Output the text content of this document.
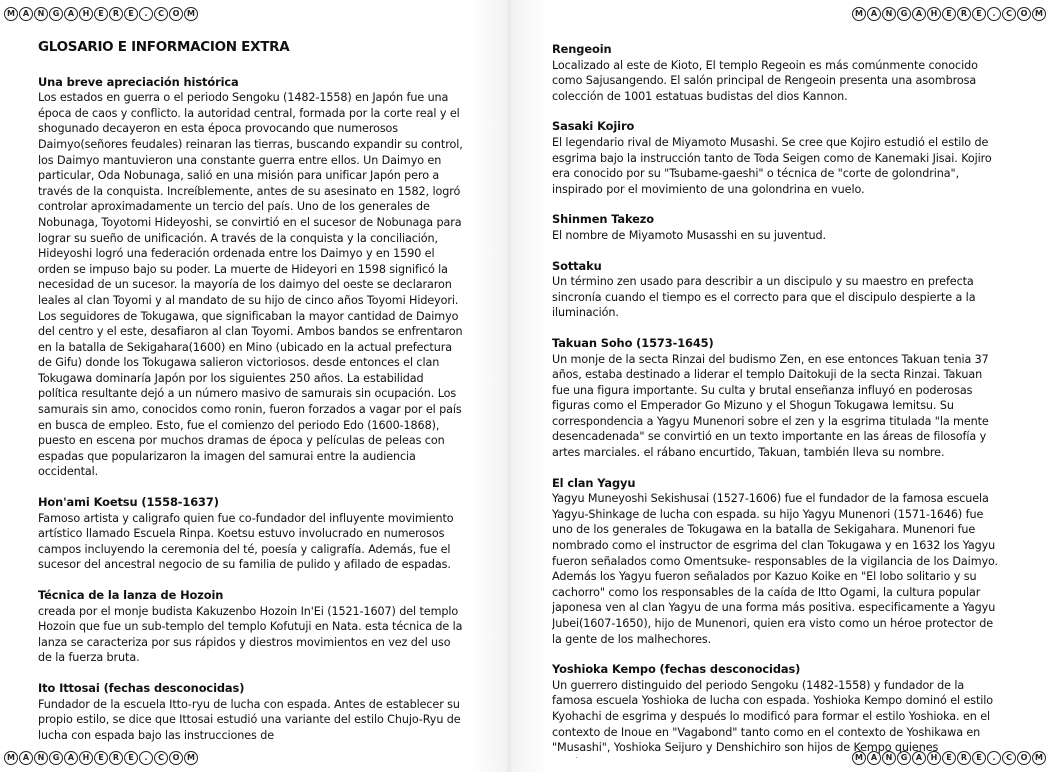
M A	N	G	A	H	E	R	E	.	C	O M	M A	N	G	A	H	E	R	E	.	C	O M
M A	N	G	A	H	E	R	E	.	C	O M	M A	N	G	A	H	E	R	E	.	C	O M
GLOSARIO E INFORMACIÓN EXTRA
Una breve apreciación histórica

Los estados en guerra o el periodo Sengoku (1482-1558) en Japón fue una época de caos y conflicto. la autoridad central, formada por la corte real y el shogunado decayeron en esta época provocando que numerosos Daimyo(señores feudales) reinaran las tierras, buscando expandir su control, los Daimyo mantuvieron una constante guerra entre ellos. Un Daimyo en particular, Oda Nobunaga, salió en una misión para unificar Japón pero a través de la conquista. Increíblemente, antes de su asesinato en 1582, logró controlar aproximadamente un tercio del país. Uno de los generales de Nobunaga, Toyotomi Hideyoshi, se convirtió en el sucesor de Nobunaga para lograr su sueño de unificación. A través de la conquista y la conciliación, Hideyoshi logró una federación ordenada entre los Daimyo y en 1590 el orden se impuso bajo su poder. La muerte de Hideyori en 1598 significó la necesidad de un sucesor. la mayoría de los daimyo del oeste se declararon leales al clan Toyomi y al mandato de su hijo de cinco años Toyomi Hideyori. Los seguidores de Tokugawa, que significaban la mayor cantidad de Daimyo del centro y el este, desafiaron al clan Toyomi. Ambos bandos se enfrentaron en la batalla de Sekigahara(1600) en Mino (ubicado en la actual prefectura de Gifu) donde los Tokugawa salieron victoriosos. desde entonces el clan Tokugawa dominaría Japón por los siguientes 250 años. La estabilidad política resultante dejó a un número masivo de samurais sin ocupación. Los samurais sin amo, conocidos como ronin, fueron forzados a vagar por el país en busca de empleo. Esto, fue el comienzo del periodo Edo (1600-1868), puesto en escena por muchos dramas de época y películas de peleas con espadas que popularizaron la imagen del samurai entre la audiencia occidental.

Hon'ami Koetsu (1558-1637)

Famoso artista y caligrafo quien fue co-fundador del influyente movimiento artístico llamado Escuela Rinpa. Koetsu estuvo involucrado en numerosos campos incluyendo la ceremonia del té, poesía y caligrafía. Además, fue el sucesor del ancestral negocio de su familia de pulido y afilado de espadas.

Técnica de la lanza de Hozoin

creada por el monje budista Kakuzenbo Hozoin In'Ei (1521-1607) del templo Hozoin que fue un sub-templo del templo Kofutuji en Nata. esta técnica de la lanza se caracteriza por sus rápidos y diestros movimientos en vez del uso de la fuerza bruta.

Ito Ittosai (fechas desconocidas)

Fundador de la escuela Itto-ryu de lucha con espada. Antes de establecer su propio estilo, se dice que Ittosai estudió una variante del estilo Chujo-Ryu de lucha con espada bajo las instrucciones de

Rengeoin

Localizado al este de Kioto, El templo Regeoin es más comúnmente conocido como Sajusangendo. El salón principal de Rengeoin presenta una asombrosa colección de 1001 estatuas budistas del dios Kannon.

Sasaki Kojiro

El legendario rival de Miyamoto Musashi. Se cree que Kojiro estudió el estilo de esgrima bajo la instrucción tanto de Toda Seigen como de Kanemaki Jisai. Kojiro era conocido por su "Tsubame-gaeshi" o técnica de "corte de golondrina", inspirado por el movimiento de una golondrina en vuelo.

Shinmen Takezo

El nombre de Miyamoto Musasshi en su juventud.

Sottaku

Un término zen usado para describir a un discipulo y su maestro en prefecta sincronía cuando el tiempo es el correcto para que el discipulo despierte a la iluminación.

Takuan Soho (1573-1645)

Un monje de la secta Rinzai del budismo Zen, en ese entonces Takuan tenia 37 años, estaba destinado a liderar el templo Daitokuji de la secta Rinzai. Takuan fue una figura importante. Su culta y brutal enseñanza influyó en poderosas figuras como el Emperador Go Mizuno y el Shogun Tokugawa Iemitsu. Su correspondencia a Yagyu Munenori sobre el zen y la esgrima titulada "la mente desencadenada" se convirtió en un texto importante en las áreas de filosofía y artes marciales. el rábano encurtido, Takuan, también lleva su nombre.

El clan Yagyu

Yagyu Muneyoshi Sekishusai (1527-1606) fue el fundador de la famosa escuela Yagyu-Shinkage de lucha con espada. su hijo Yagyu Munenori (1571-1646) fue uno de los generales de Tokugawa en la batalla de Sekigahara. Munenori fue nombrado como el instructor de esgrima del clan Tokugawa y en 1632 los Yagyu fueron señalados como Omentsuke- responsables de la vigilancia de los Daimyo. Además los Yagyu fueron señalados por Kazuo Koike en "El lobo solitario y su cachorro" como los responsables de la caída de Itto Ogami, la cultura popular japonesa ven al clan Yagyu de una forma más positiva. especificamente a Yagyu Jubei(1607-1650), hijo de Munenori, quien era visto como un héroe protector de la gente de los malhechores.

Yoshioka Kempo (fechas desconocidas)

Un guerrero distinguido del periodo Sengoku (1482-1558) y fundador de la famosa escuela Yoshioka de lucha con espada. Yoshioka Kempo dominó el estilo Kyohachi de esgrima y después lo modificó para formar el estilo Yoshioka. en el contexto de Inoue en "Vagabond" tanto como en el contexto de Yoshikawa en "Musashi", Yoshioka Seijuro y Denshichiro son hijos de Kempo quienes
